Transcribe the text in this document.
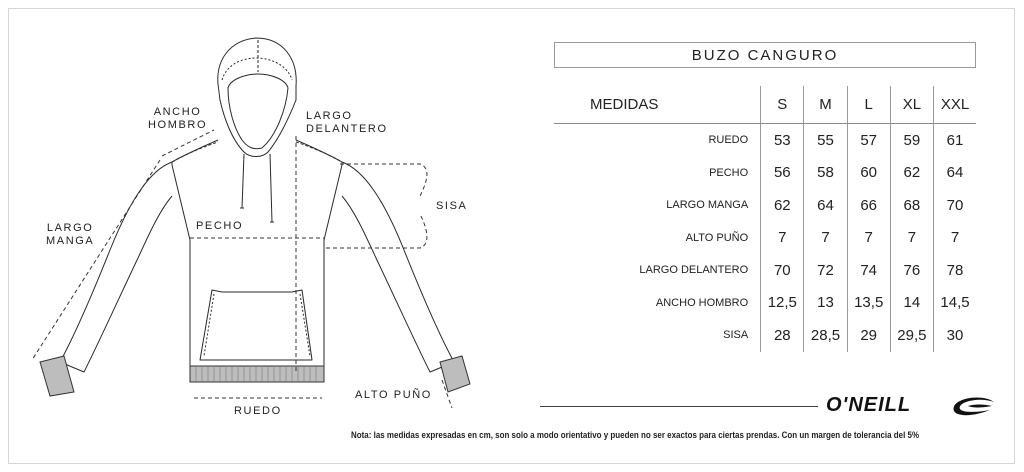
ANCHO
HOMBRO
LARGO
DELANTERO
LARGO
MANGA
PECHO
SISA
RUEDO
ALTO PUÑO
BUZO CANGURO
MEDIDAS	S	M	L	XL	XXL
RUEDO	53	55	57	59	61
PECHO	56	58	60	62	64
LARGO MANGA	62	64	66	68	70
ALTO PUÑO	7	7	7	7	7
LARGO DELANTERO	70	72	74	76	78
ANCHO HOMBRO	12,5	13	13,5	14	14,5
SISA	28	28,5	29	29,5	30
O'NEILL
Nota: las medidas expresadas en cm, son solo a modo orientativo y pueden no ser exactos para ciertas prendas. Con un margen de tolerancia del 5%
